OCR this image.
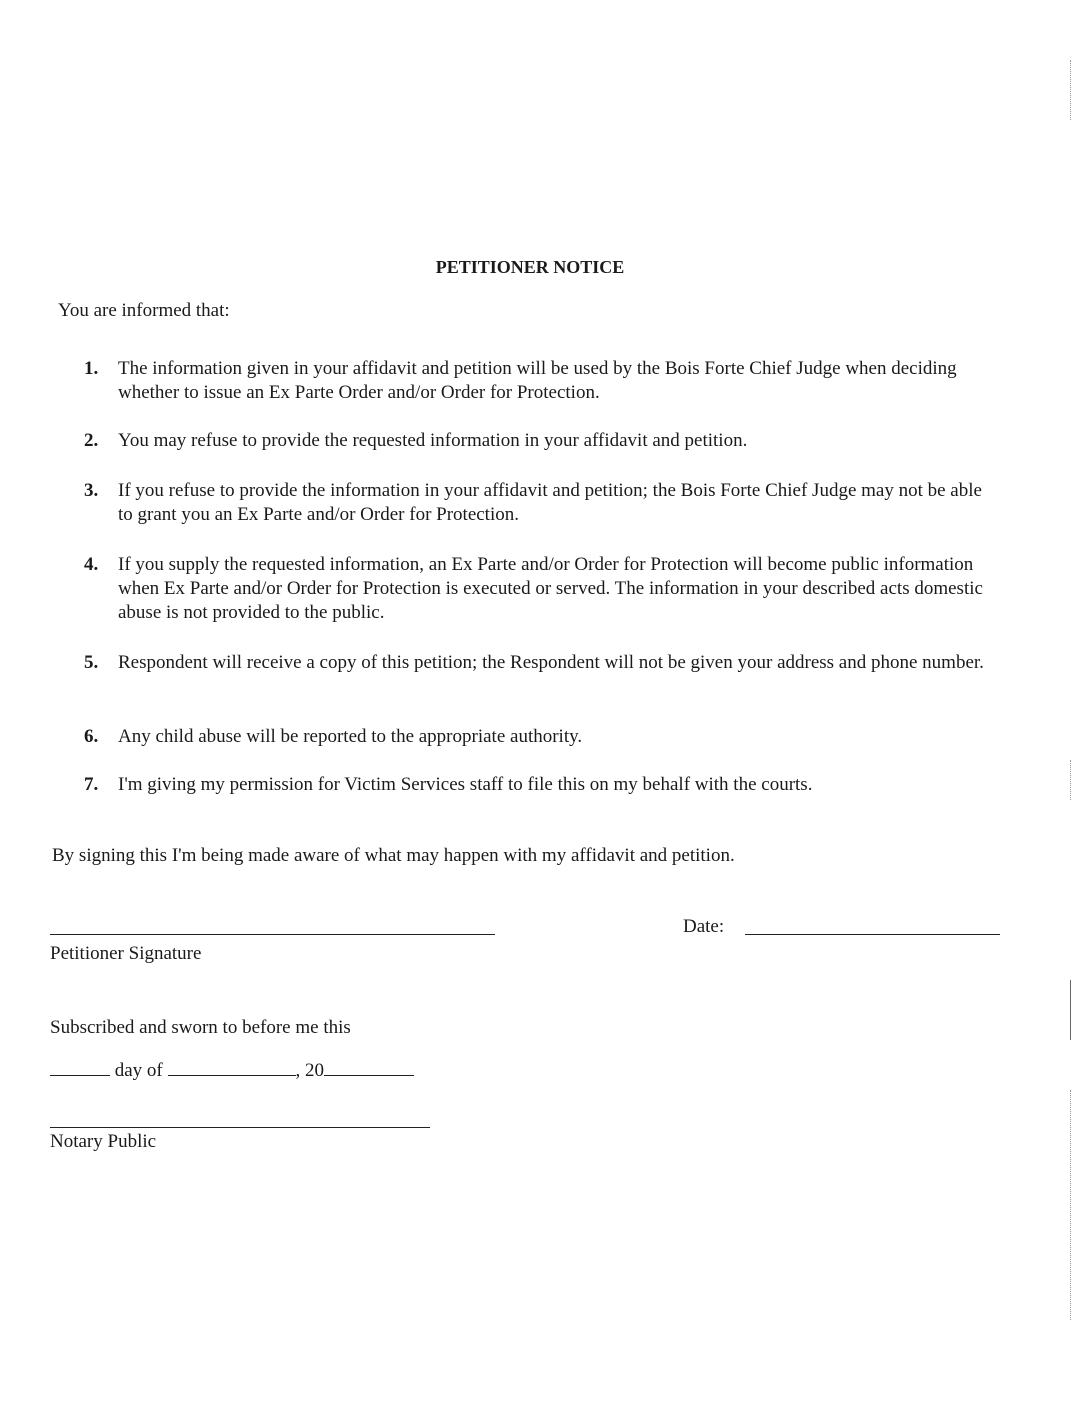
PETITIONER NOTICE
You are informed that:
1. The information given in your affidavit and petition will be used by the Bois Forte Chief Judge when deciding whether to issue an Ex Parte Order and/or Order for Protection.
2. You may refuse to provide the requested information in your affidavit and petition.
3. If you refuse to provide the information in your affidavit and petition; the Bois Forte Chief Judge may not be able to grant you an Ex Parte and/or Order for Protection.
4. If you supply the requested information, an Ex Parte and/or Order for Protection will become public information when Ex Parte and/or Order for Protection is executed or served. The information in your described acts domestic abuse is not provided to the public.
5. Respondent will receive a copy of this petition; the Respondent will not be given your address and phone number.
6. Any child abuse will be reported to the appropriate authority.
7. I'm giving my permission for Victim Services staff to file this on my behalf with the courts.
By signing this I'm being made aware of what may happen with my affidavit and petition.
Petitioner Signature
Date:
Subscribed and sworn to before me this
day of	, 20
Notary Public
